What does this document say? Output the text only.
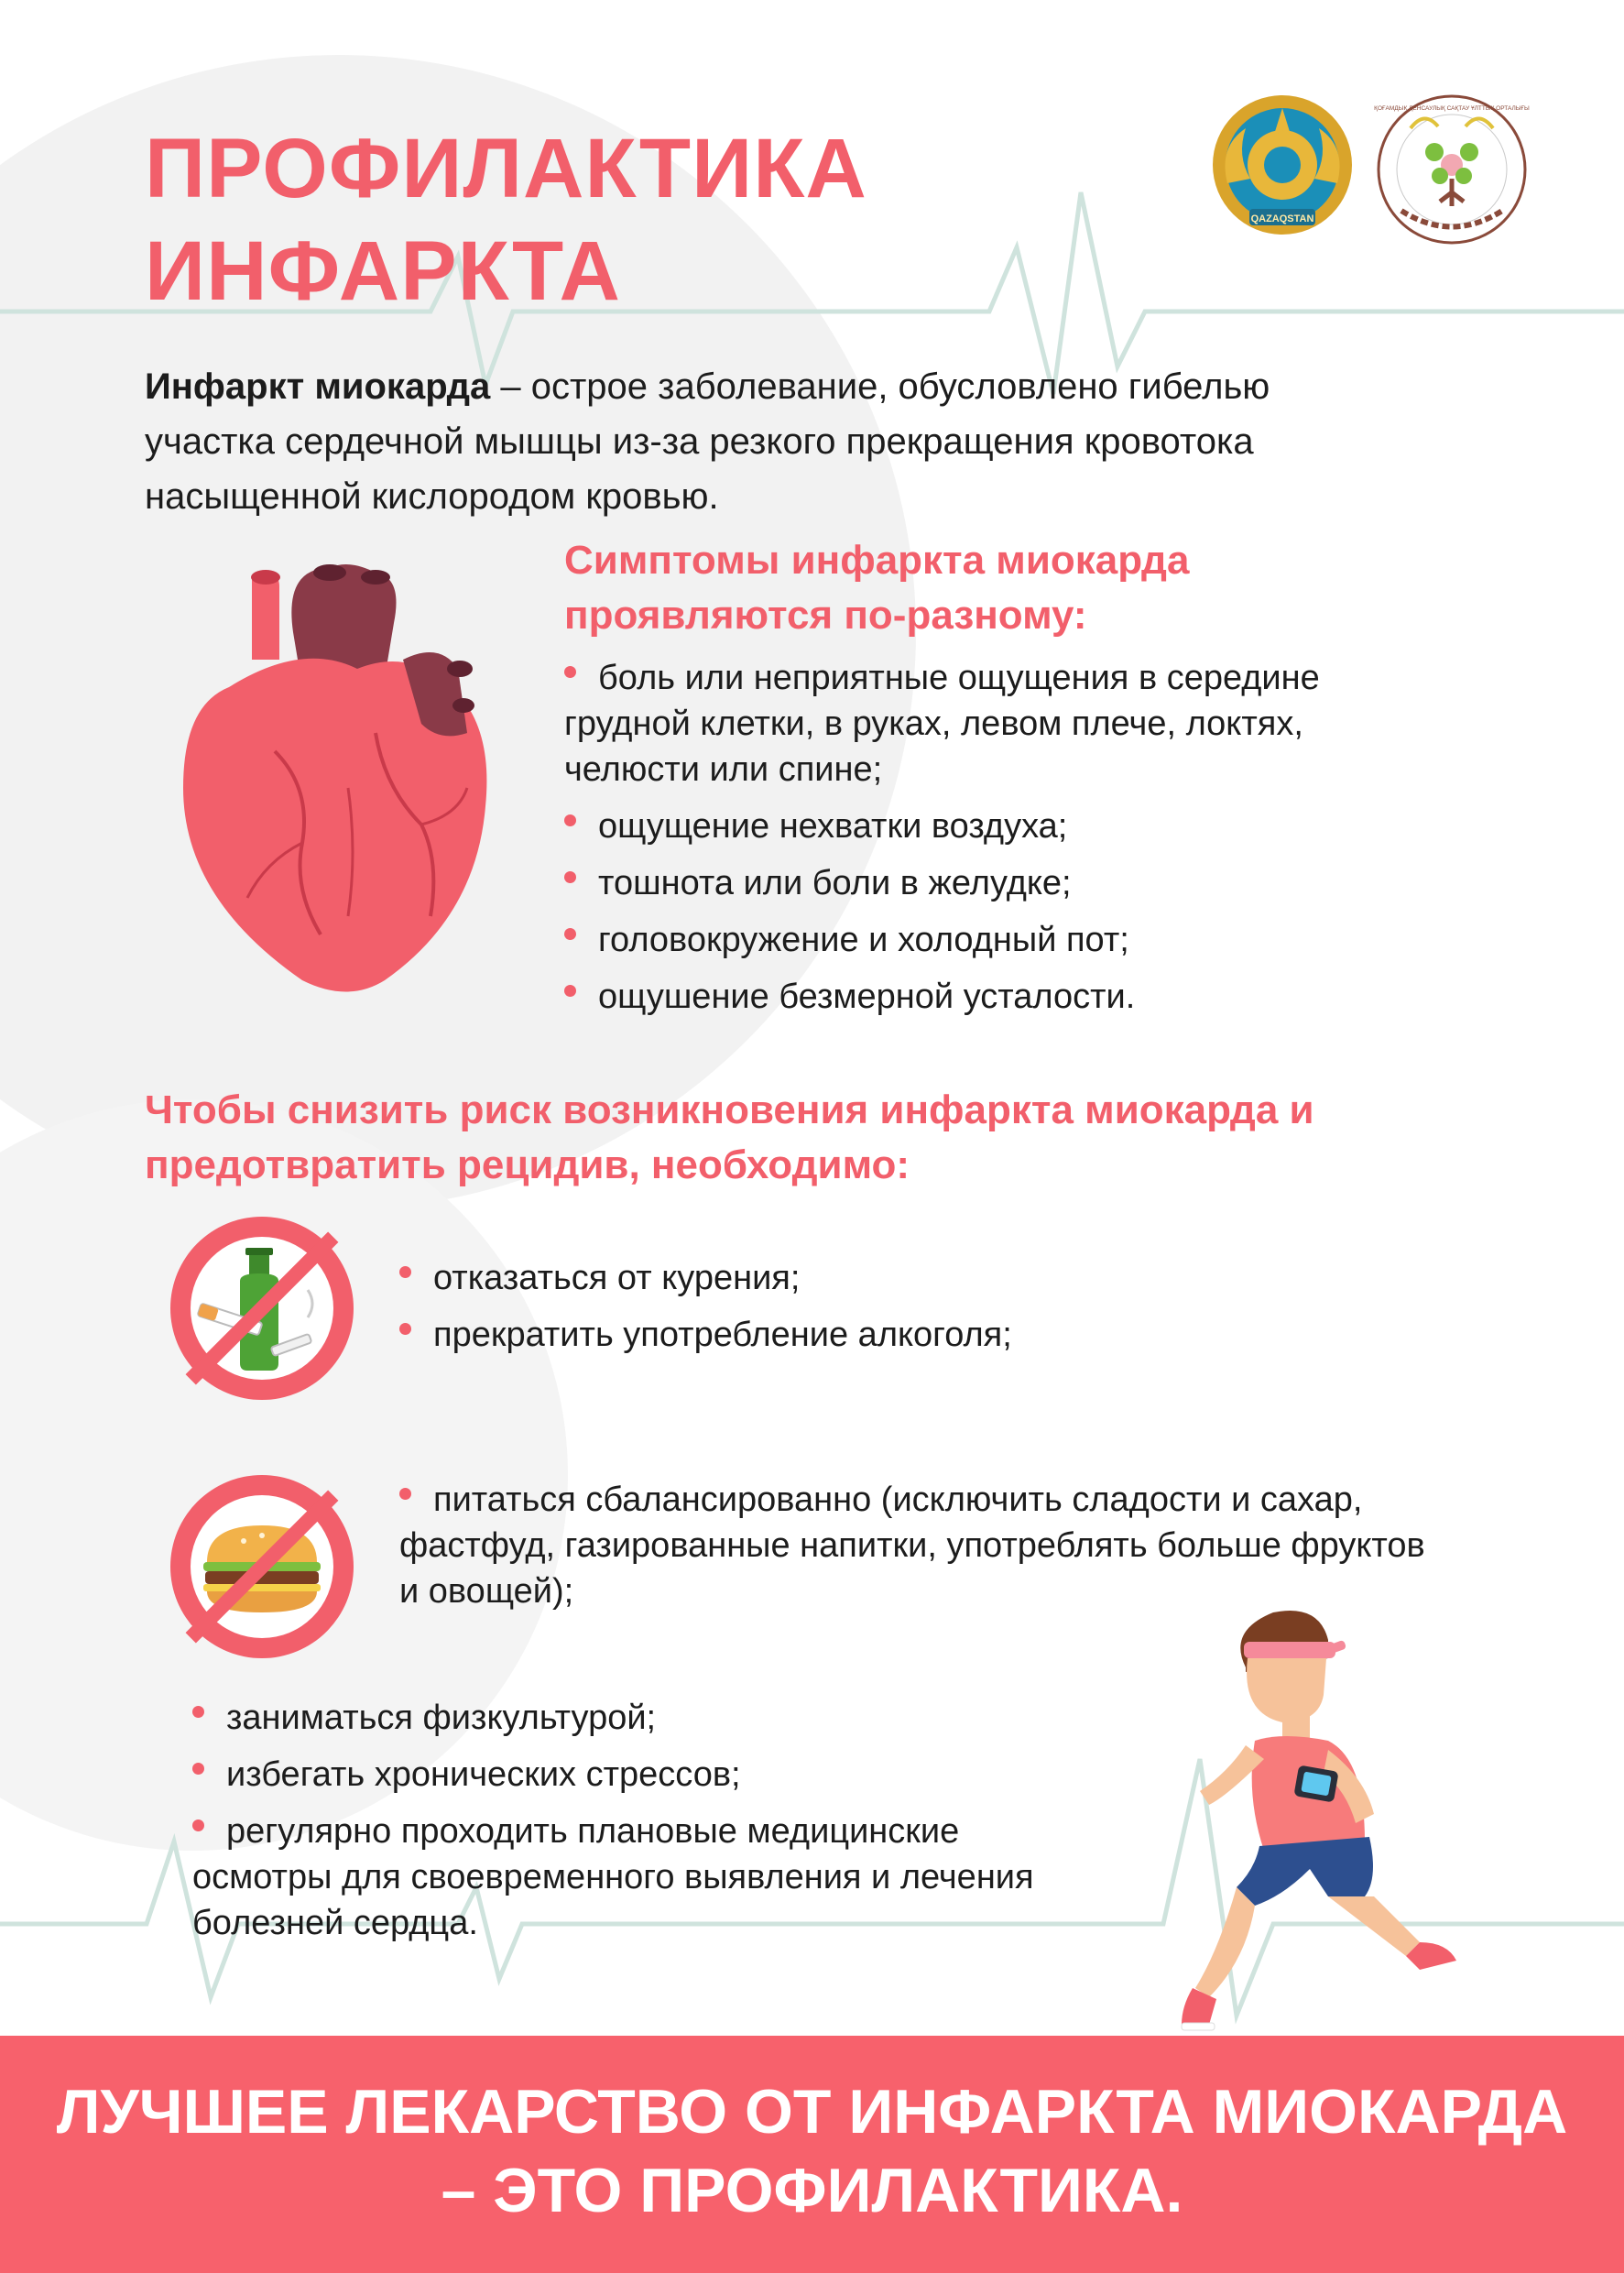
ПРОФИЛАКТИКА
ИНФАРКТА
QAZAQSTAN
ҚОҒАМДЫҚ ДЕНСАУЛЫҚ САҚТАУ ҰЛТТЫҚ ОРТАЛЫҒЫ
Инфаркт миокарда – острое заболевание, обусловлено гибелью
участка сердечной мышцы из-за резкого прекращения кровотока
насыщенной кислородом кровью.
Симптомы инфаркта миокарда
проявляются по-разному:
боль или неприятные ощущения в середине
грудной клетки, в руках, левом плече, локтях,
челюсти или спине;
ощущение нехватки воздуха;
тошнота или боли в желудке;
головокружение и холодный пот;
ощушение безмерной усталости.
Чтобы снизить риск возникновения инфаркта миокарда и
предотвратить рецидив, необходимо:
отказаться от курения;
прекратить употребление алкоголя;
питаться сбалансированно (исключить сладости и сахар,
фастфуд, газированные напитки, употреблять больше фруктов
и овощей);
заниматься физкультурой;
избегать хронических стрессов;
регулярно проходить плановые медицинские
осмотры для своевременного выявления и лечения
болезней сердца.
ЛУЧШЕЕ ЛЕКАРСТВО ОТ ИНФАРКТА МИОКАРДА
– ЭТО ПРОФИЛАКТИКА.
